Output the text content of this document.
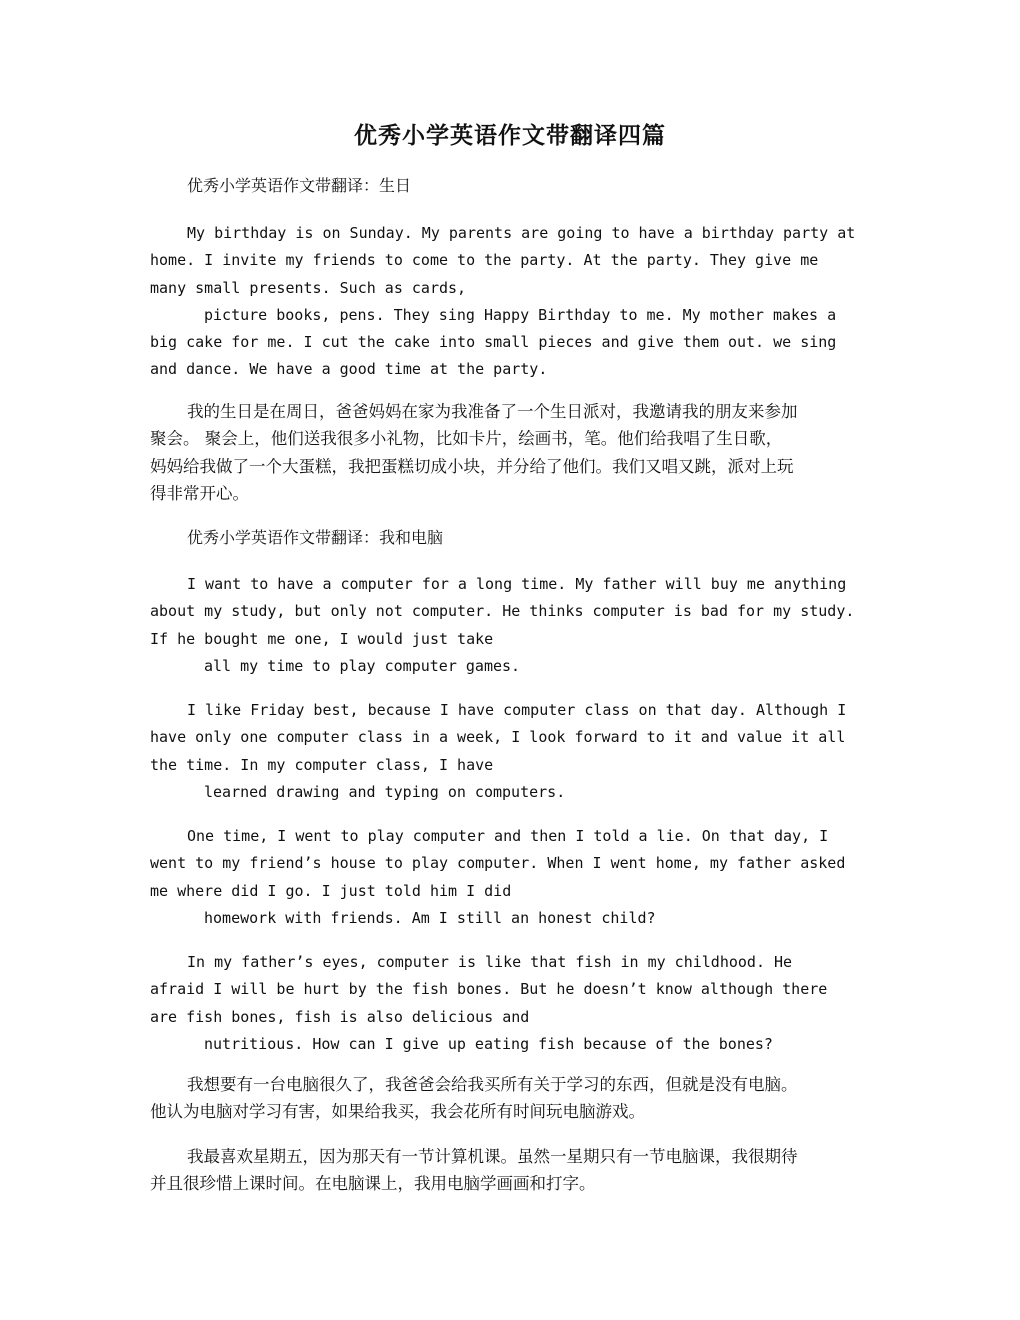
优秀小学英语作文带翻译四篇
优秀小学英语作文带翻译：生日
My birthday is on Sunday. My parents are going to have a birthday party at
home. I invite my friends to come to the party. At the party. They give me
many small presents. Such as cards,
picture books, pens. They sing Happy Birthday to me. My mother makes a
big cake for me. I cut the cake into small pieces and give them out. we sing
and dance. We have a good time at the party.
我的生日是在周日，爸爸妈妈在家为我准备了一个生日派对，我邀请我的朋友来参加
聚会。 聚会上，他们送我很多小礼物，比如卡片，绘画书，笔。他们给我唱了生日歌，
妈妈给我做了一个大蛋糕，我把蛋糕切成小块，并分给了他们。我们又唱又跳，派对上玩
得非常开心。
优秀小学英语作文带翻译：我和电脑
I want to have a computer for a long time. My father will buy me anything
about my study, but only not computer. He thinks computer is bad for my study.
If he bought me one, I would just take
all my time to play computer games.
I like Friday best, because I have computer class on that day. Although I
have only one computer class in a week, I look forward to it and value it all
the time. In my computer class, I have
learned drawing and typing on computers.
One time, I went to play computer and then I told a lie. On that day, I
went to my friend’s house to play computer. When I went home, my father asked
me where did I go. I just told him I did
homework with friends. Am I still an honest child?
In my father’s eyes, computer is like that fish in my childhood. He
afraid I will be hurt by the fish bones. But he doesn’t know although there
are fish bones, fish is also delicious and
nutritious. How can I give up eating fish because of the bones?
我想要有一台电脑很久了，我爸爸会给我买所有关于学习的东西，但就是没有电脑。
他认为电脑对学习有害，如果给我买，我会花所有时间玩电脑游戏。
我最喜欢星期五，因为那天有一节计算机课。虽然一星期只有一节电脑课，我很期待
并且很珍惜上课时间。在电脑课上，我用电脑学画画和打字。
